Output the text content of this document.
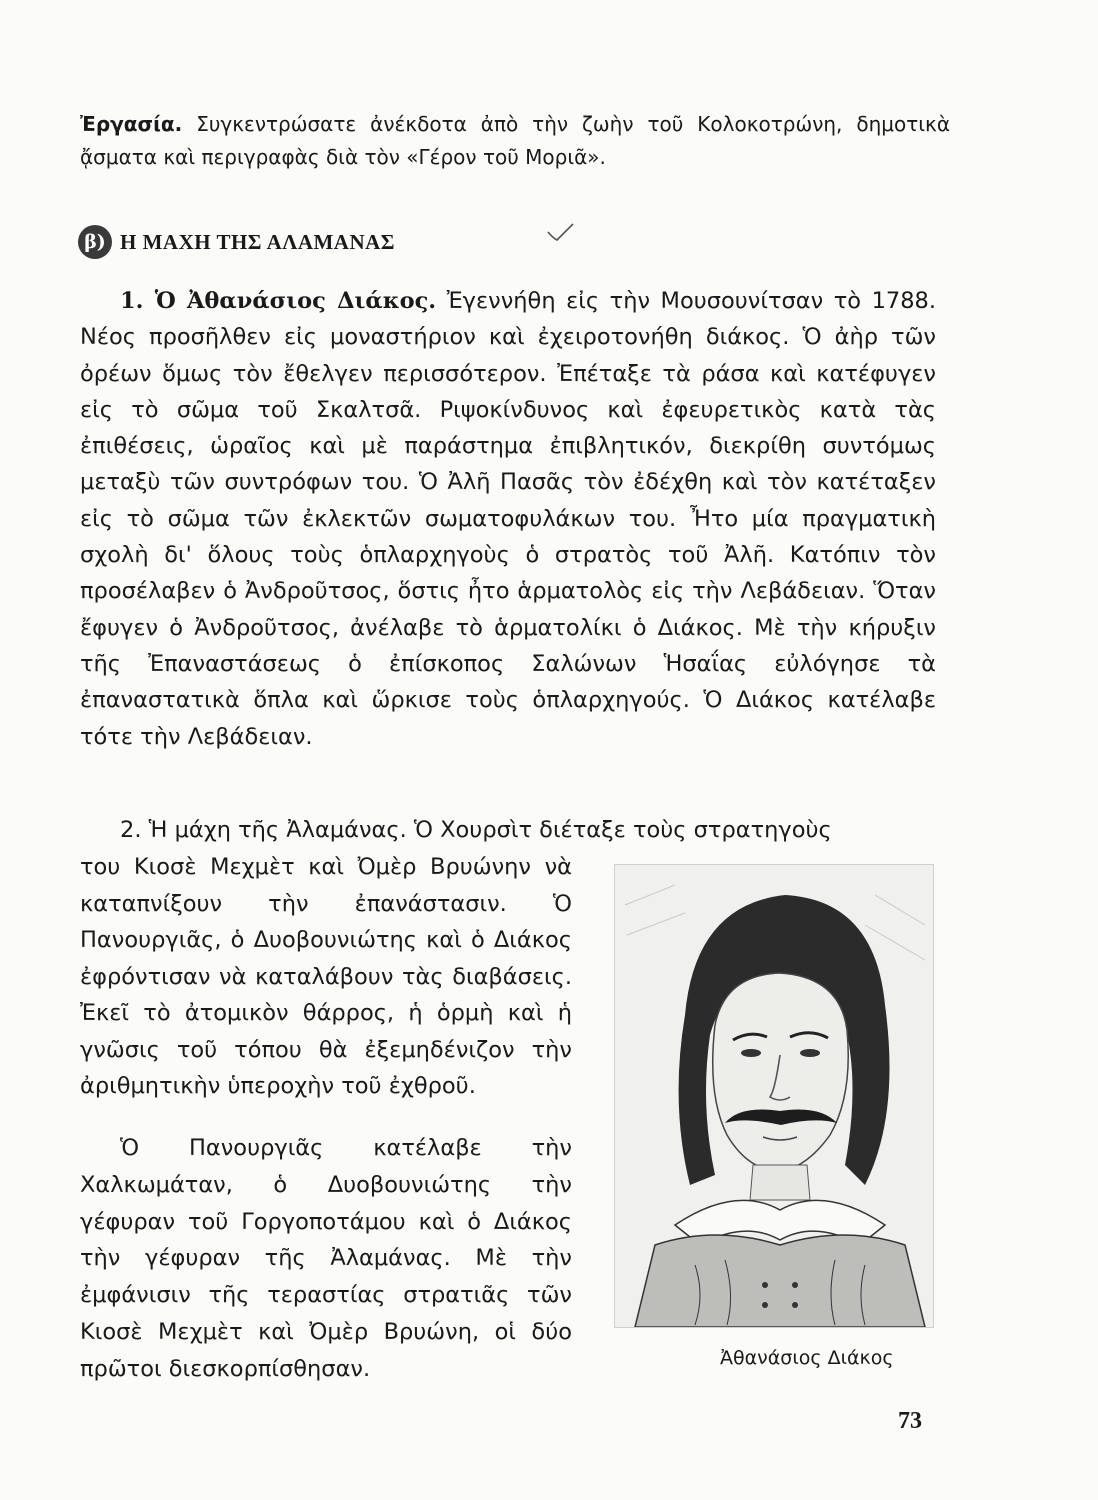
Ἐργασία. Συγκεντρώσατε ἀνέκδοτα ἀπὸ τὴν ζωὴν τοῦ Κολοκοτρώνη, δημοτικὰ ᾄσματα καὶ περιγραφὰς διὰ τὸν «Γέρον τοῦ Μοριᾶ».

β) Η ΜΑΧΗ ΤΗΣ ΑΛΑΜΑΝΑΣ

1. Ὁ Ἀθανάσιος Διάκος. Ἐγεννήθη εἰς τὴν Μουσουνίτσαν τὸ 1788. Νέος προσῆλθεν εἰς μοναστήριον καὶ ἐχειροτονήθη διάκος. Ὁ ἀὴρ τῶν ὀρέων ὅμως τὸν ἔθελγεν περισσότερον. Ἐπέταξε τὰ ράσα καὶ κατέφυγεν εἰς τὸ σῶμα τοῦ Σκαλτσᾶ. Ριψοκίνδυνος καὶ ἐφευρετικὸς κατὰ τὰς ἐπιθέσεις, ὡραῖος καὶ μὲ παράστημα ἐπιβλητικόν, διεκρίθη συντόμως μεταξὺ τῶν συντρόφων του. Ὁ Ἀλῆ Πασᾶς τὸν ἐδέχθη καὶ τὸν κατέταξεν εἰς τὸ σῶμα τῶν ἐκλεκτῶν σωματοφυλάκων του. Ἦτο μία πραγματικὴ σχολὴ δι' ὅλους τοὺς ὁπλαρχηγοὺς ὁ στρατὸς τοῦ Ἀλῆ. Κατόπιν τὸν προσέλαβεν ὁ Ἀνδροῦτσος, ὅστις ἦτο ἁρματολὸς εἰς τὴν Λεβάδειαν. Ὅταν ἔφυγεν ὁ Ἀνδροῦτσος, ἀνέλαβε τὸ ἁρματολίκι ὁ Διάκος. Μὲ τὴν κήρυξιν τῆς Ἐπαναστάσεως ὁ ἐπίσκοπος Σαλώνων Ἡσαΐας εὐλόγησε τὰ ἐπαναστατικὰ ὅπλα καὶ ὥρκισε τοὺς ὁπλαρχηγούς. Ὁ Διάκος κατέλαβε τότε τὴν Λεβάδειαν.

2. Ἡ μάχη τῆς Ἀλαμάνας. Ὁ Χουρσὶτ διέταξε τοὺς στρατηγοὺς

του Κιοσὲ Μεχμὲτ καὶ Ὀμὲρ Βρυώνην νὰ καταπνίξουν τὴν ἐπανάστασιν. Ὁ Πανουργιᾶς, ὁ Δυοβουνιώτης καὶ ὁ Διάκος ἐφρόντισαν νὰ καταλάβουν τὰς διαβάσεις. Ἐκεῖ τὸ ἀτομικὸν θάρρος, ἡ ὁρμὴ καὶ ἡ γνῶσις τοῦ τόπου θὰ ἐξεμηδένιζον τὴν ἀριθμητικὴν ὑπεροχὴν τοῦ ἐχθροῦ.

Ὁ Πανουργιᾶς κατέλαβε τὴν Χαλκωμάταν, ὁ Δυοβουνιώτης τὴν γέφυραν τοῦ Γοργοποτάμου καὶ ὁ Διάκος τὴν γέφυραν τῆς Ἀλαμάνας. Μὲ τὴν ἐμφάνισιν τῆς τεραστίας στρατιᾶς τῶν Κιοσὲ Μεχμὲτ καὶ Ὀμὲρ Βρυώνη, οἱ δύο πρῶτοι διεσκορπίσθησαν.	Ἀθανάσιος Διάκος
73
